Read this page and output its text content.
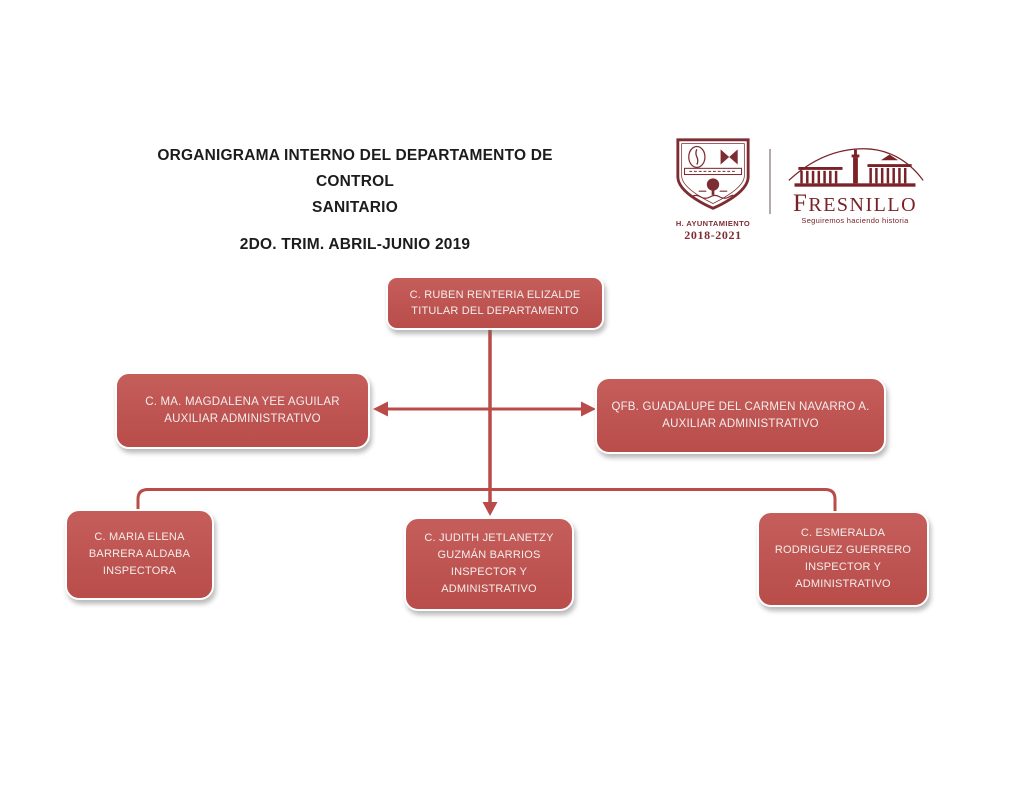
ORGANIGRAMA INTERNO DEL DEPARTAMENTO DE CONTROL
SANITARIO
2DO. TRIM. ABRIL-JUNIO 2019
H. AYUNTAMIENTO
2018-2021
FRESNILLO
Seguiremos haciendo historia
C. RUBEN RENTERIA ELIZALDE
TITULAR DEL DEPARTAMENTO
C. MA. MAGDALENA YEE AGUILAR
AUXILIAR ADMINISTRATIVO
QFB. GUADALUPE DEL CARMEN NAVARRO A.
AUXILIAR ADMINISTRATIVO
C. MARIA ELENA
BARRERA ALDABA
INSPECTORA
C. JUDITH JETLANETZY
GUZMÁN BARRIOS
INSPECTOR Y
ADMINISTRATIVO
C. ESMERALDA
RODRIGUEZ GUERRERO
INSPECTOR Y
ADMINISTRATIVO
